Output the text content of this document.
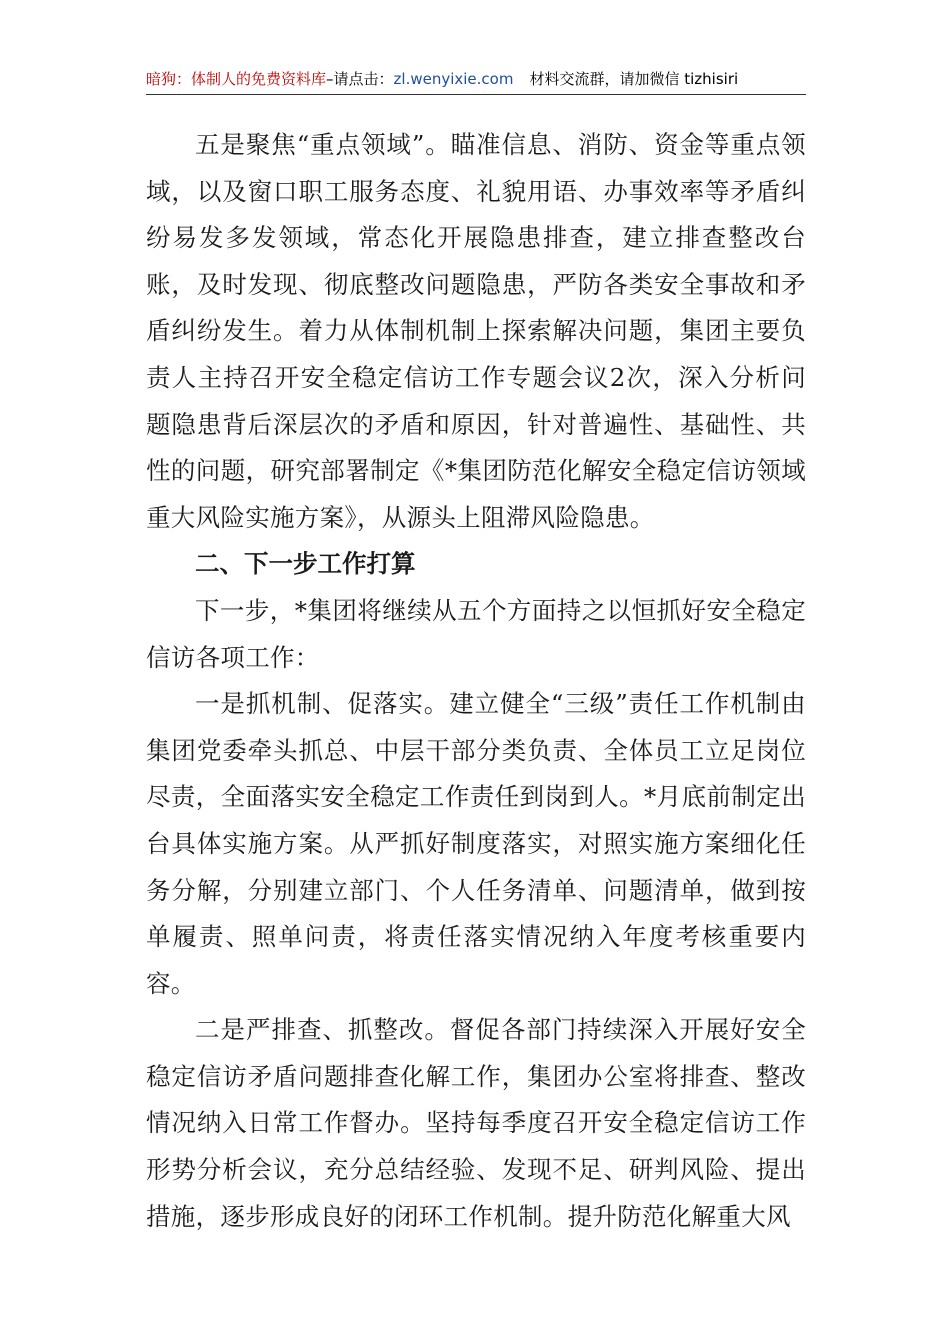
暗狗：体制人的免费资料库–请点击：zl.wenyixie.com 材料交流群，请加微信 tizhisiri

五是聚焦“重点领域”。瞄准信息、消防、资金等重点领域，以及窗口职工服务态度、礼貌用语、办事效率等矛盾纠纷易发多发领域，常态化开展隐患排查，建立排查整改台账，及时发现、彻底整改问题隐患，严防各类安全事故和矛盾纠纷发生。着力从体制机制上探索解决问题，集团主要负责人主持召开安全稳定信访工作专题会议2次，深入分析问题隐患背后深层次的矛盾和原因，针对普遍性、基础性、共性的问题，研究部署制定《*集团防范化解安全稳定信访领域重大风险实施方案》，从源头上阻滞风险隐患。

二、下一步工作打算

下一步，*集团将继续从五个方面持之以恒抓好安全稳定信访各项工作：

一是抓机制、促落实。建立健全“三级”责任工作机制由集团党委牵头抓总、中层干部分类负责、全体员工立足岗位尽责，全面落实安全稳定工作责任到岗到人。*月底前制定出台具体实施方案。从严抓好制度落实，对照实施方案细化任务分解，分别建立部门、个人任务清单、问题清单，做到按单履责、照单问责，将责任落实情况纳入年度考核重要内容。

二是严排查、抓整改。督促各部门持续深入开展好安全稳定信访矛盾问题排查化解工作，集团办公室将排查、整改情况纳入日常工作督办。坚持每季度召开安全稳定信访工作形势分析会议，充分总结经验、发现不足、研判风险、提出措施，逐步形成良好的闭环工作机制。提升防范化解重大风
